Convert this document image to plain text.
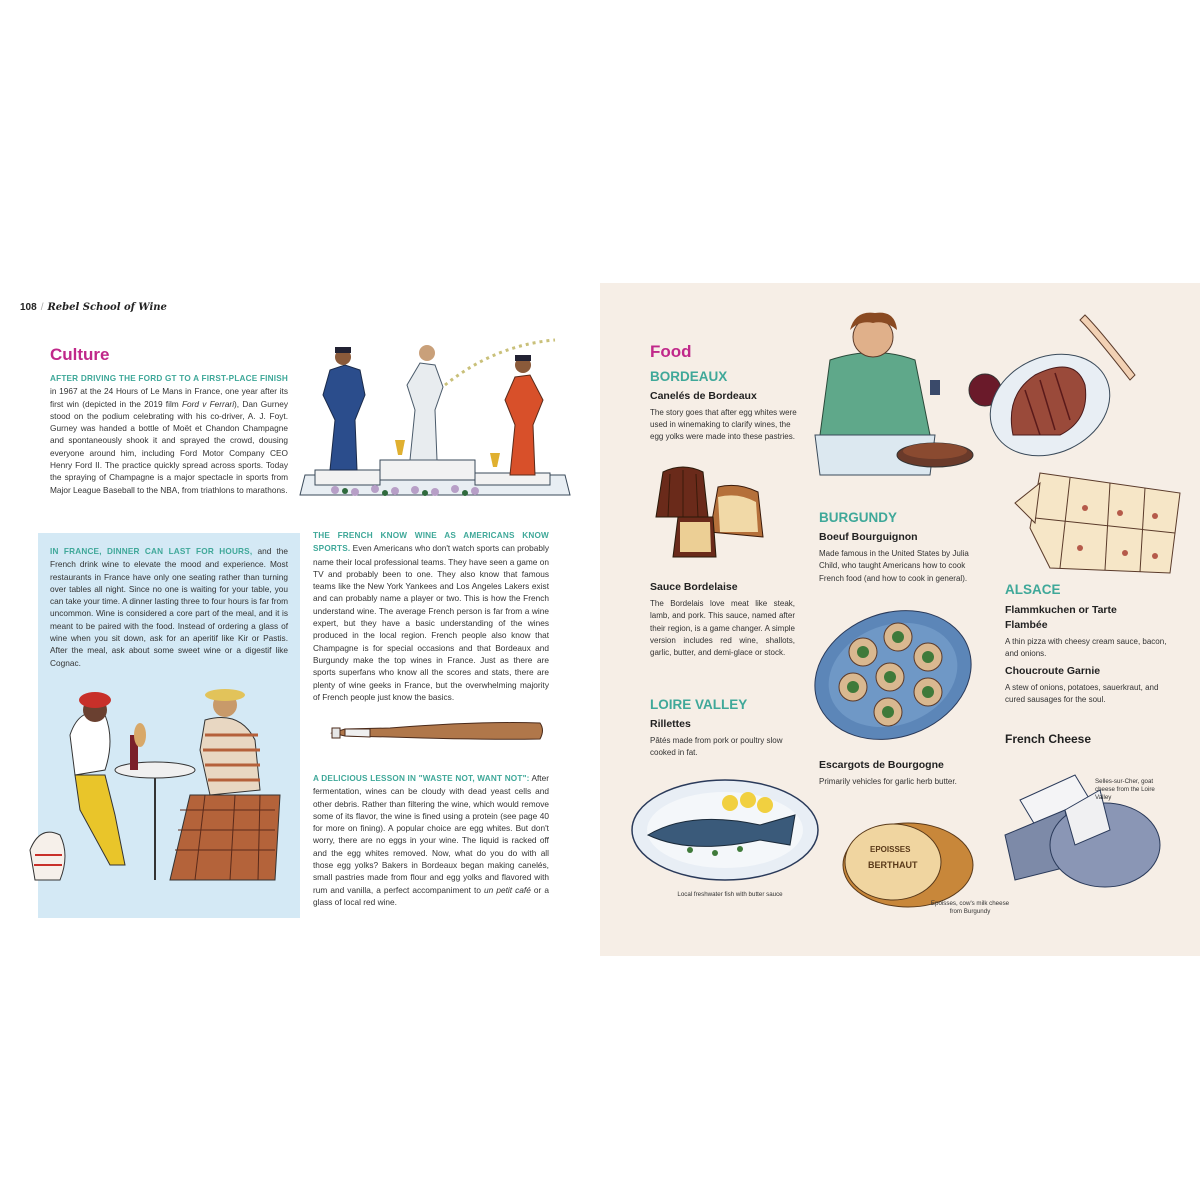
108 / Rebel School of Wine
Culture
AFTER DRIVING THE FORD GT TO A FIRST-PLACE FINISH in 1967 at the 24 Hours of Le Mans in France, one year after its first win (depicted in the 2019 film Ford v Ferrari), Dan Gurney stood on the podium celebrating with his co-driver, A. J. Foyt. Gurney was handed a bottle of Moët et Chandon Champagne and spontaneously shook it and sprayed the crowd, dousing everyone around him, including Ford Motor Company CEO Henry Ford II. The practice quickly spread across sports. Today the spraying of Champagne is a major spectacle in sports from Major League Baseball to the NBA, from triathlons to marathons.
IN FRANCE, DINNER CAN LAST FOR HOURS, and the French drink wine to elevate the mood and experience. Most restaurants in France have only one seating rather than turning over tables all night. Since no one is waiting for your table, you can take your time. A dinner lasting three to four hours is far from uncommon. Wine is considered a core part of the meal, and it is meant to be paired with the food. Instead of ordering a glass of wine when you sit down, ask for an aperitif like Kir or Pastis. After the meal, ask about some sweet wine or a digestif like Cognac.
THE FRENCH KNOW WINE AS AMERICANS KNOW SPORTS. Even Americans who don't watch sports can probably name their local professional teams. They have seen a game on TV and probably been to one. They also know that famous teams like the New York Yankees and Los Angeles Lakers exist and can probably name a player or two. This is how the French understand wine. The average French person is far from a wine expert, but they have a basic understanding of the wines produced in the local region. French people also know that Champagne is for special occasions and that Bordeaux and Burgundy make the top wines in France. Just as there are sports superfans who know all the scores and stats, there are plenty of wine geeks in France, but the overwhelming majority of French people just know the basics.
A DELICIOUS LESSON IN "WASTE NOT, WANT NOT": After fermentation, wines can be cloudy with dead yeast cells and other debris. Rather than filtering the wine, which would remove some of its flavor, the wine is fined using a protein (see page 40 for more on fining). A popular choice are egg whites. But don't worry, there are no eggs in your wine. The liquid is racked off and the egg whites removed. Now, what do you do with all those egg yolks? Bakers in Bordeaux began making canelés, small pastries made from flour and egg yolks and flavored with rum and vanilla, a perfect accompaniment to un petit café or a glass of local red wine.
Food
BORDEAUX
Canelés de Bordeaux
The story goes that after egg whites were used in winemaking to clarify wines, the egg yolks were made into these pastries.
Sauce Bordelaise
The Bordelais love meat like steak, lamb, and pork. This sauce, named after their region, is a game changer. A simple version includes red wine, shallots, garlic, butter, and demi-glace or stock.
BURGUNDY
Boeuf Bourguignon
Made famous in the United States by Julia Child, who taught Americans how to cook French food (and how to cook in general).
ALSACE
Flammkuchen or Tarte Flambée
A thin pizza with cheesy cream sauce, bacon, and onions.
Choucroute Garnie
A stew of onions, potatoes, sauerkraut, and cured sausages for the soul.
LOIRE VALLEY
Rillettes
Pâtés made from pork or poultry slow cooked in fat.
Escargots de Bourgogne
Primarily vehicles for garlic herb butter.
French Cheese
Local freshwater fish with butter sauce
EPOISSES
BERTHAUT
Epoisses, cow's milk cheese from Burgundy
Selles-sur-Cher, goat cheese from the Loire Valley
